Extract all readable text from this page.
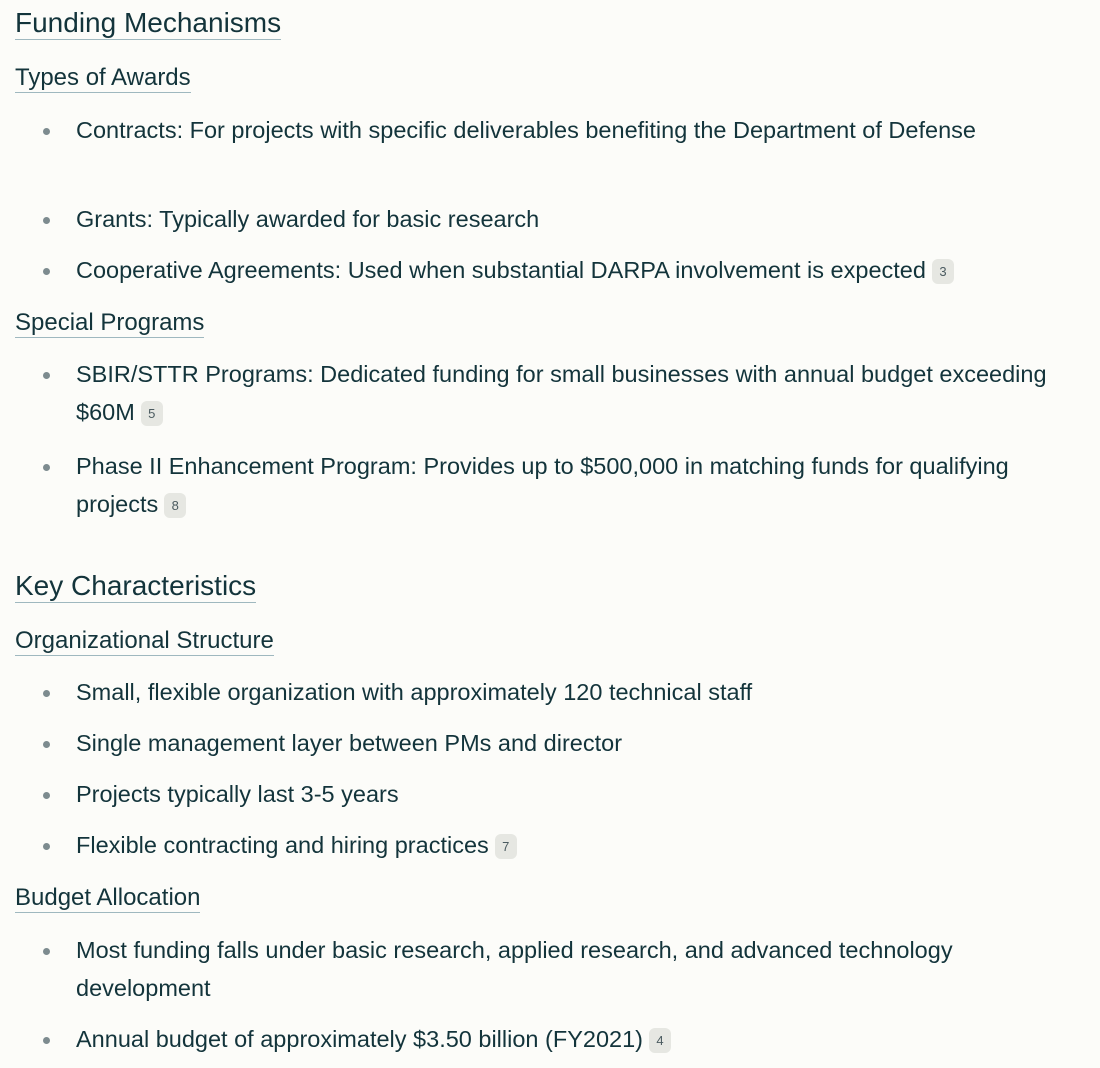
Funding Mechanisms
Types of Awards
Contracts: For projects with specific deliverables benefiting the Department of Defense
Grants: Typically awarded for basic research
Cooperative Agreements: Used when substantial DARPA involvement is expected 3
Special Programs
SBIR/STTR Programs: Dedicated funding for small businesses with annual budget exceeding $60M 5
Phase II Enhancement Program: Provides up to $500,000 in matching funds for qualifying projects 8
Key Characteristics
Organizational Structure
Small, flexible organization with approximately 120 technical staff
Single management layer between PMs and director
Projects typically last 3-5 years
Flexible contracting and hiring practices 7
Budget Allocation
Most funding falls under basic research, applied research, and advanced technology development
Annual budget of approximately $3.50 billion (FY2021) 4
